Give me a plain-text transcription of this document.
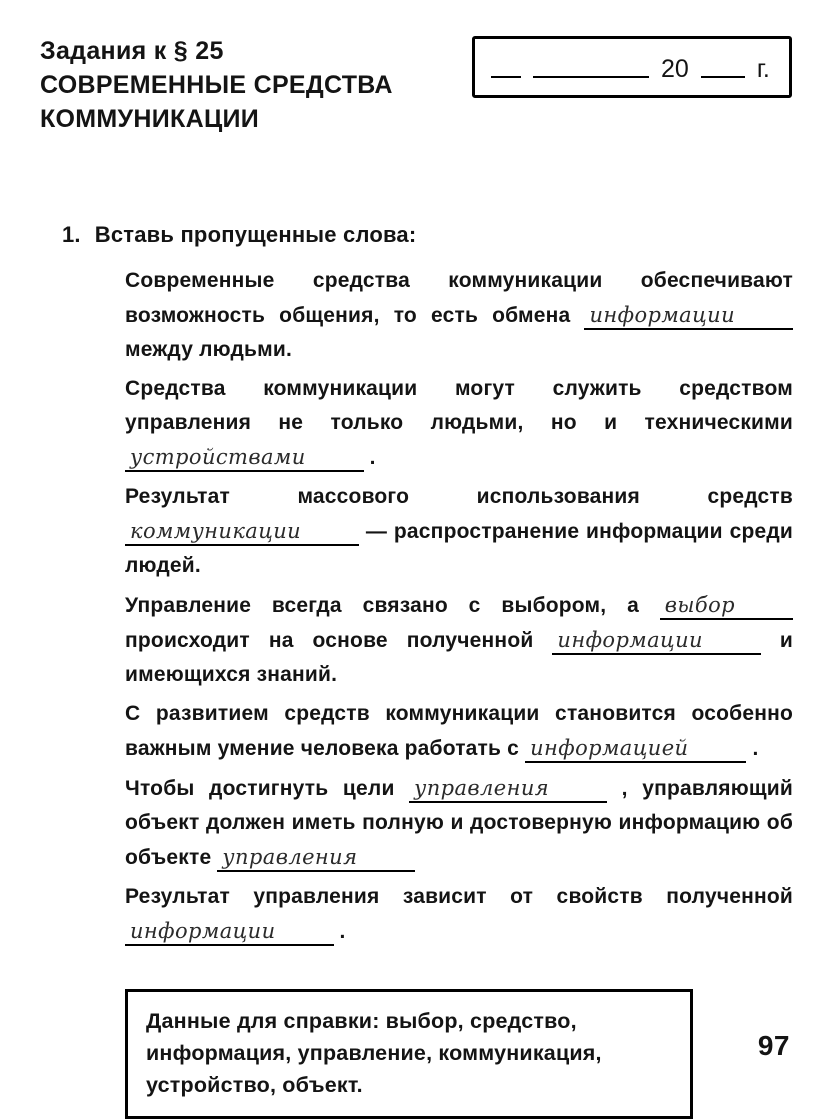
Задания к § 25
СОВРЕМЕННЫЕ СРЕДСТВА
КОММУНИКАЦИИ
20	г.
1. Вставь пропущенные слова:
Современные средства коммуникации обеспечивают возможность общения, то есть обмена информации между людьми.
Средства коммуникации могут служить средством управления не только людьми, но и техническими устройствами	.
Результат массового использования средств коммуникации	— распространение информации среди людей.
Управление всегда связано с выбором, а выбор происходит на основе полученной информации	и имеющихся знаний.
С развитием средств коммуникации становится особенно важным умение человека работать с информацией	.
Чтобы достигнуть цели управления	, управляющий объект должен иметь полную и достоверную информацию об объекте управления
Результат управления зависит от свойств полученной информации	.
Данные для справки: выбор, средство, информация, управление, коммуникация, устройство, объект.
97
